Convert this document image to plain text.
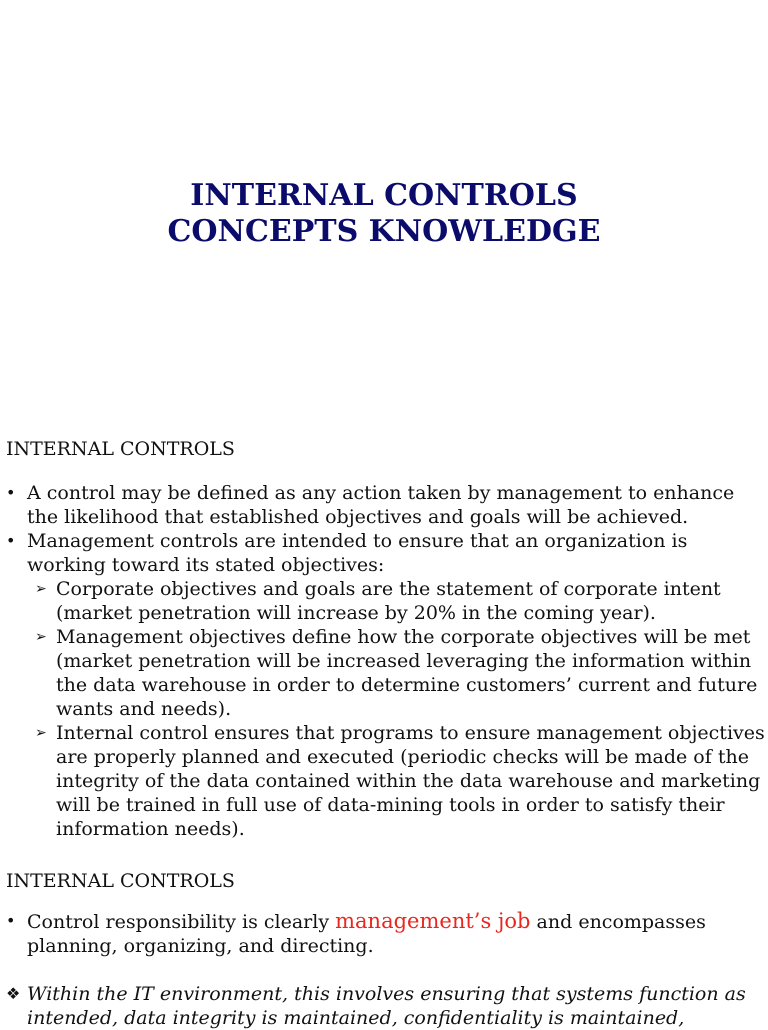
INTERNAL CONTROLS
CONCEPTS KNOWLEDGE
INTERNAL CONTROLS
• A control may be defined as any action taken by management to enhance the likelihood that established objectives and goals will be achieved.
• Management controls are intended to ensure that an organization is working toward its stated objectives:
➢ Corporate objectives and goals are the statement of corporate intent (market penetration will increase by 20% in the coming year).
➢ Management objectives define how the corporate objectives will be met (market penetration will be increased leveraging the information within the data warehouse in order to determine customers’ current and future wants and needs).
➢ Internal control ensures that programs to ensure management objectives are properly planned and executed (periodic checks will be made of the integrity of the data contained within the data warehouse and marketing will be trained in full use of data-mining tools in order to satisfy their information needs).
INTERNAL CONTROLS
• Control responsibility is clearly management’s job and encompasses planning, organizing, and directing.
❖ Within the IT environment, this involves ensuring that systems function as intended, data integrity is maintained, confidentiality is maintained,
